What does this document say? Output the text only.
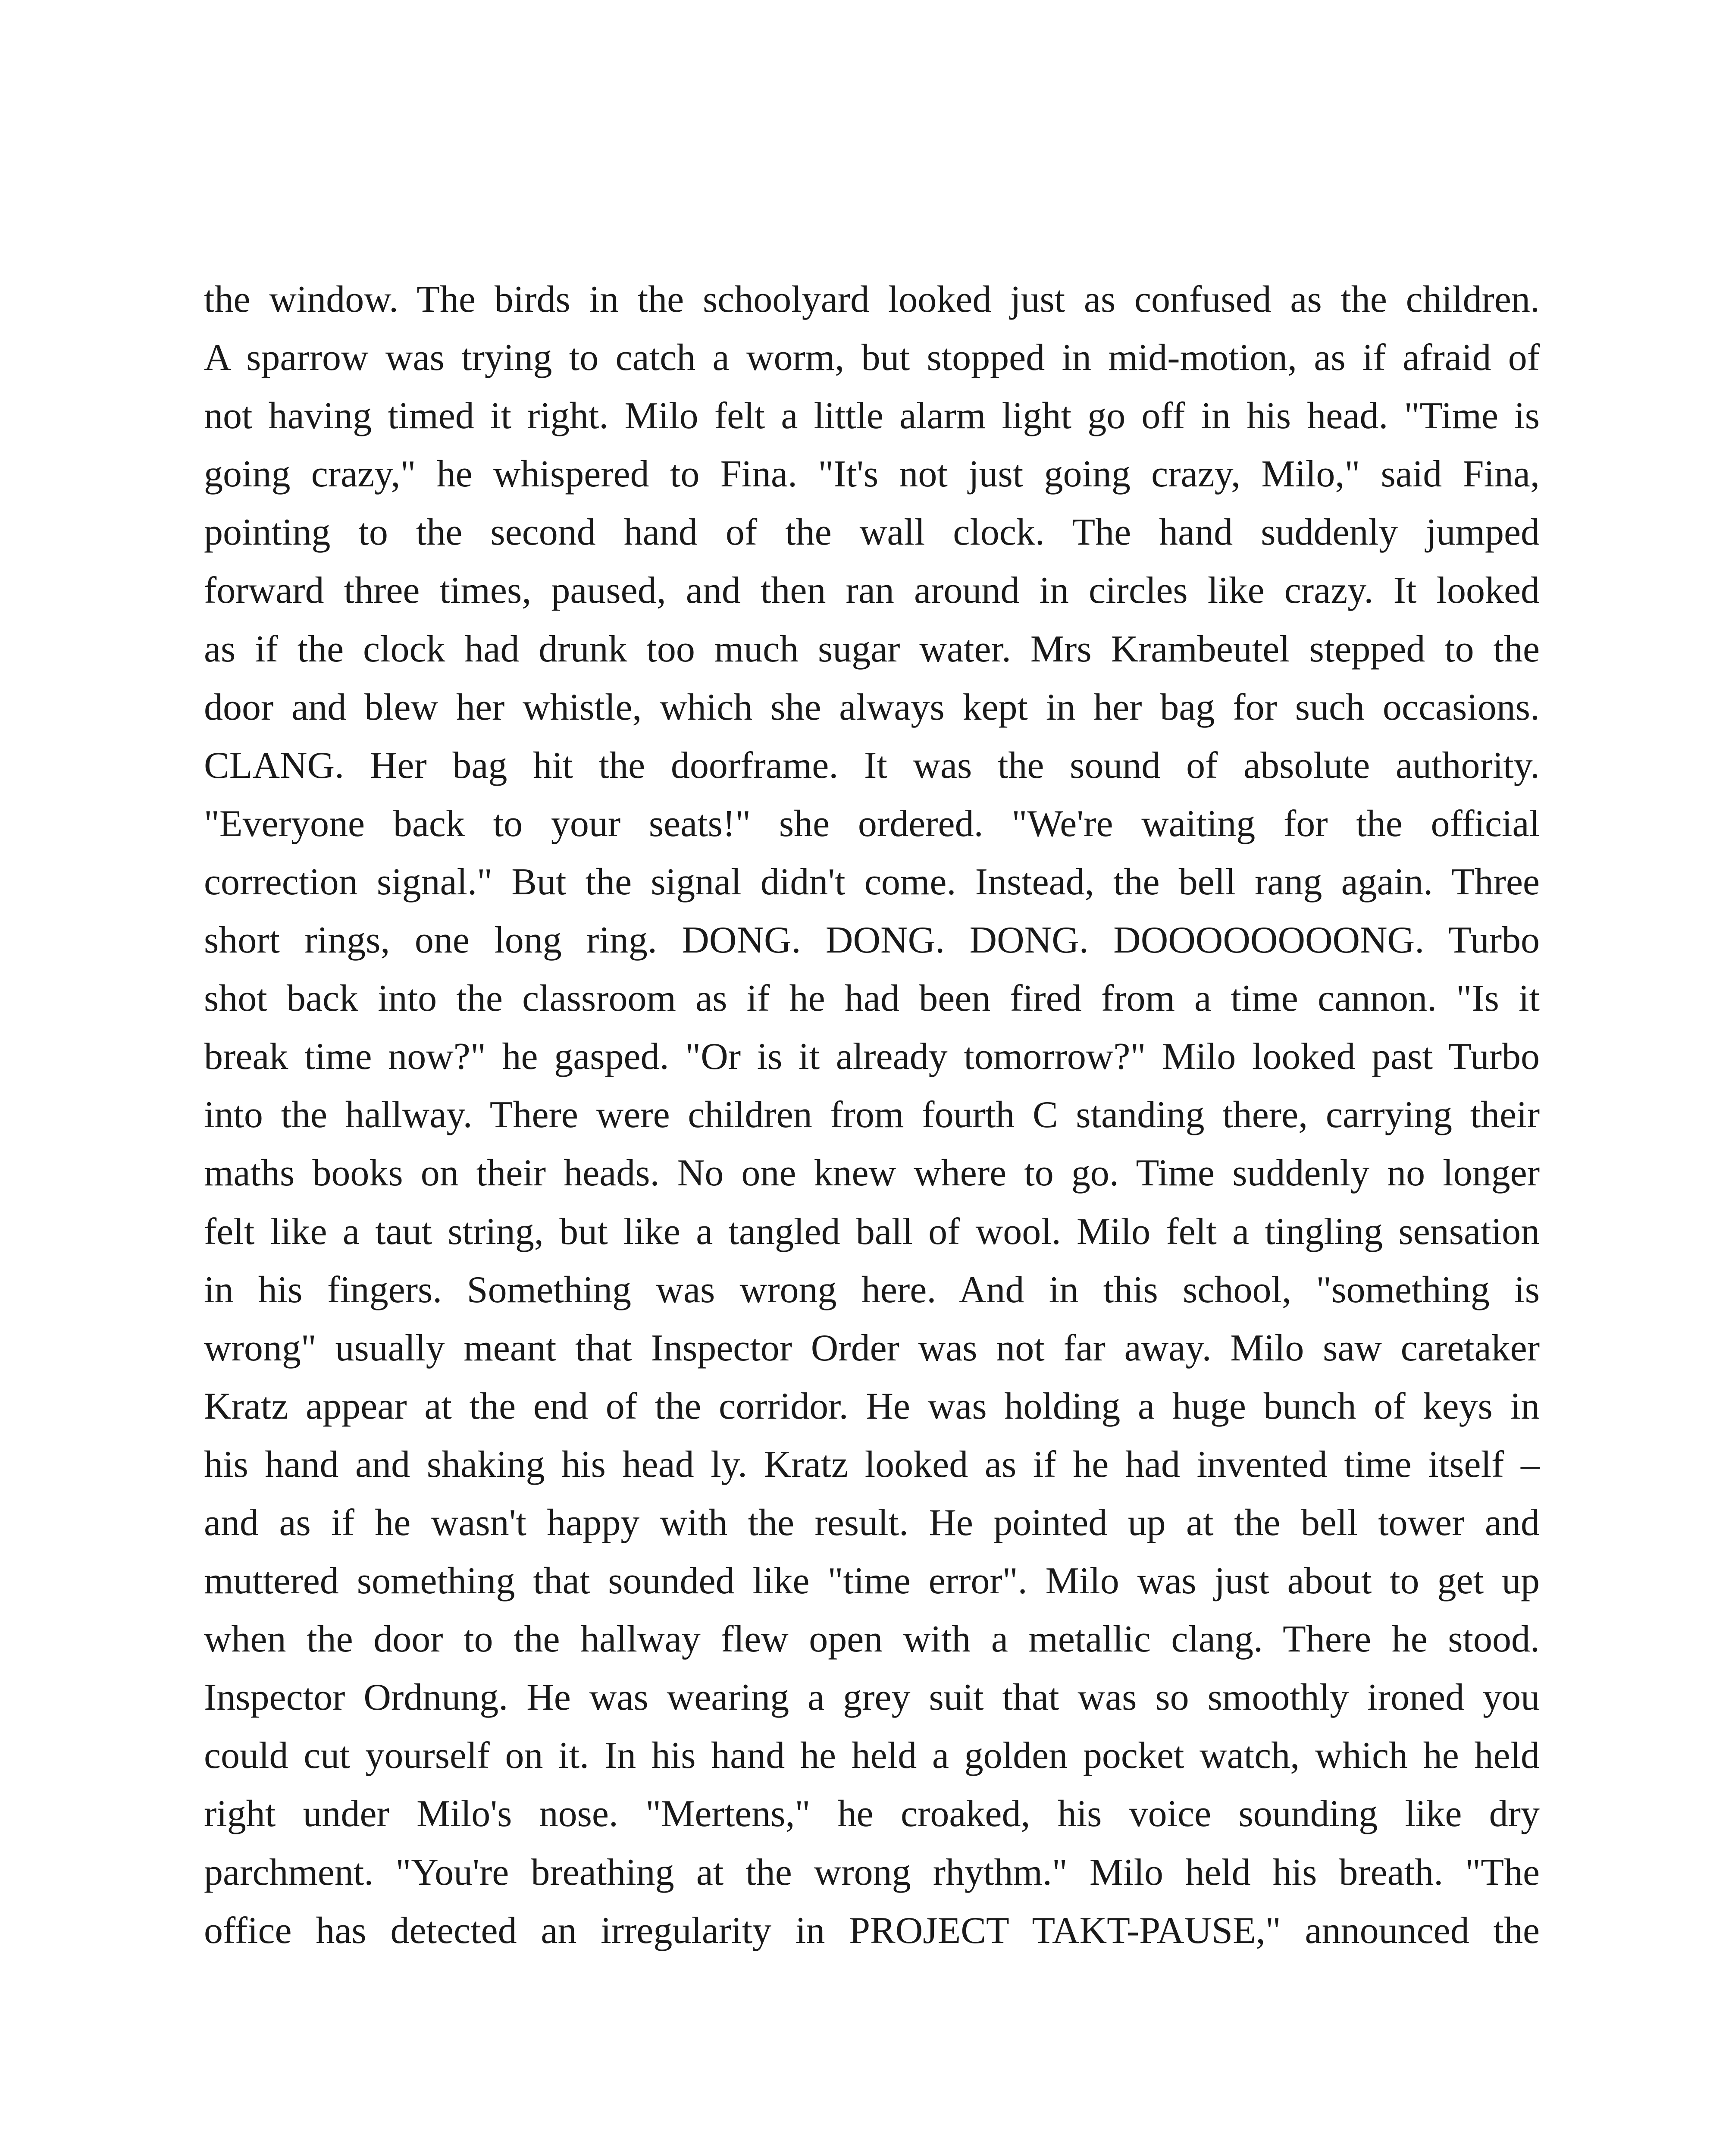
the window. The birds in the schoolyard looked just as confused as the children.
A sparrow was trying to catch a worm, but stopped in mid-motion, as if afraid of
not having timed it right. Milo felt a little alarm light go off in his head. "Time is
going crazy," he whispered to Fina. "It's not just going crazy, Milo," said Fina,
pointing to the second hand of the wall clock. The hand suddenly jumped
forward three times, paused, and then ran around in circles like crazy. It looked
as if the clock had drunk too much sugar water. Mrs Krambeutel stepped to the
door and blew her whistle, which she always kept in her bag for such occasions.
CLANG. Her bag hit the doorframe. It was the sound of absolute authority.
"Everyone back to your seats!" she ordered. "We're waiting for the official
correction signal." But the signal didn't come. Instead, the bell rang again. Three
short rings, one long ring. DONG. DONG. DONG. DOOOOOOOONG. Turbo
shot back into the classroom as if he had been fired from a time cannon. "Is it
break time now?" he gasped. "Or is it already tomorrow?" Milo looked past Turbo
into the hallway. There were children from fourth C standing there, carrying their
maths books on their heads. No one knew where to go. Time suddenly no longer
felt like a taut string, but like a tangled ball of wool. Milo felt a tingling sensation
in his fingers. Something was wrong here. And in this school, "something is
wrong" usually meant that Inspector Order was not far away. Milo saw caretaker
Kratz appear at the end of the corridor. He was holding a huge bunch of keys in
his hand and shaking his head ly. Kratz looked as if he had invented time itself –
and as if he wasn't happy with the result. He pointed up at the bell tower and
muttered something that sounded like "time error". Milo was just about to get up
when the door to the hallway flew open with a metallic clang. There he stood.
Inspector Ordnung. He was wearing a grey suit that was so smoothly ironed you
could cut yourself on it. In his hand he held a golden pocket watch, which he held
right under Milo's nose. "Mertens," he croaked, his voice sounding like dry
parchment. "You're breathing at the wrong rhythm." Milo held his breath. "The
office has detected an irregularity in PROJECT TAKT-PAUSE," announced the
